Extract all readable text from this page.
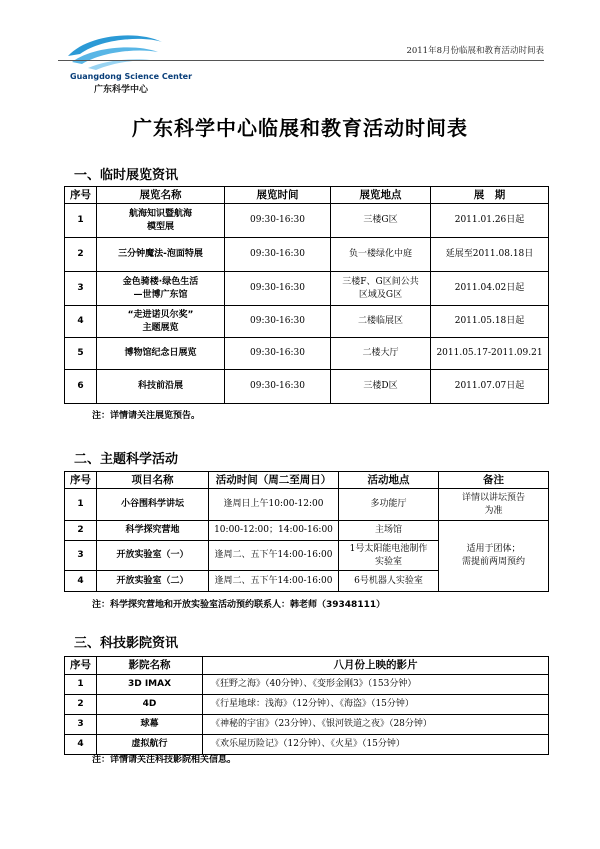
Guangdong Science Center
广东科学中心
2011年8月份临展和教育活动时间表
广东科学中心临展和教育活动时间表
一、临时展览资讯
序号	展览名称	展览时间	展览地点	展　期
1	航海知识暨航海
模型展	09:30-16:30	三楼G区	2011.01.26日起
2	三分钟魔法-泡面特展	09:30-16:30	负一楼绿化中庭	延展至2011.08.18日
3	金色骑楼·绿色生活
—世博广东馆	09:30-16:30	三楼F、G区间公共
区域及G区	2011.04.02日起
4	“走进诺贝尔奖”
主题展览	09:30-16:30	二楼临展区	2011.05.18日起
5	博物馆纪念日展览	09:30-16:30	二楼大厅	2011.05.17-2011.09.21
6	科技前沿展	09:30-16:30	三楼D区	2011.07.07日起
注：详情请关注展览预告。
二、主题科学活动
序号	项目名称	活动时间（周二至周日）	活动地点	备注
1	小谷围科学讲坛	逢周日上午10:00-12:00	多功能厅	详情以讲坛预告
为准
2	科学探究营地	10:00-12:00；14:00-16:00	主场馆	适用于团体；
需提前两周预约
3	开放实验室（一）	逢周二、五下午14:00-16:00	1号太阳能电池制作
实验室	
4	开放实验室（二）	逢周二、五下午14:00-16:00	6号机器人实验室	
注：科学探究营地和开放实验室活动预约联系人：韩老师（39348111）
三、科技影院资讯
序号	影院名称	八月份上映的影片
1	3D IMAX	《狂野之海》（40分钟）、《变形金刚3》（153分钟）
2	4D	《行星地球：浅海》（12分钟）、《海盗》（15分钟）
3	球幕	《神秘的宇宙》（23分钟）、《银河铁道之夜》（28分钟）
4	虚拟航行	《欢乐屋历险记》（12分钟）、《火星》（15分钟）
注：详情请关注科技影院相关信息。
